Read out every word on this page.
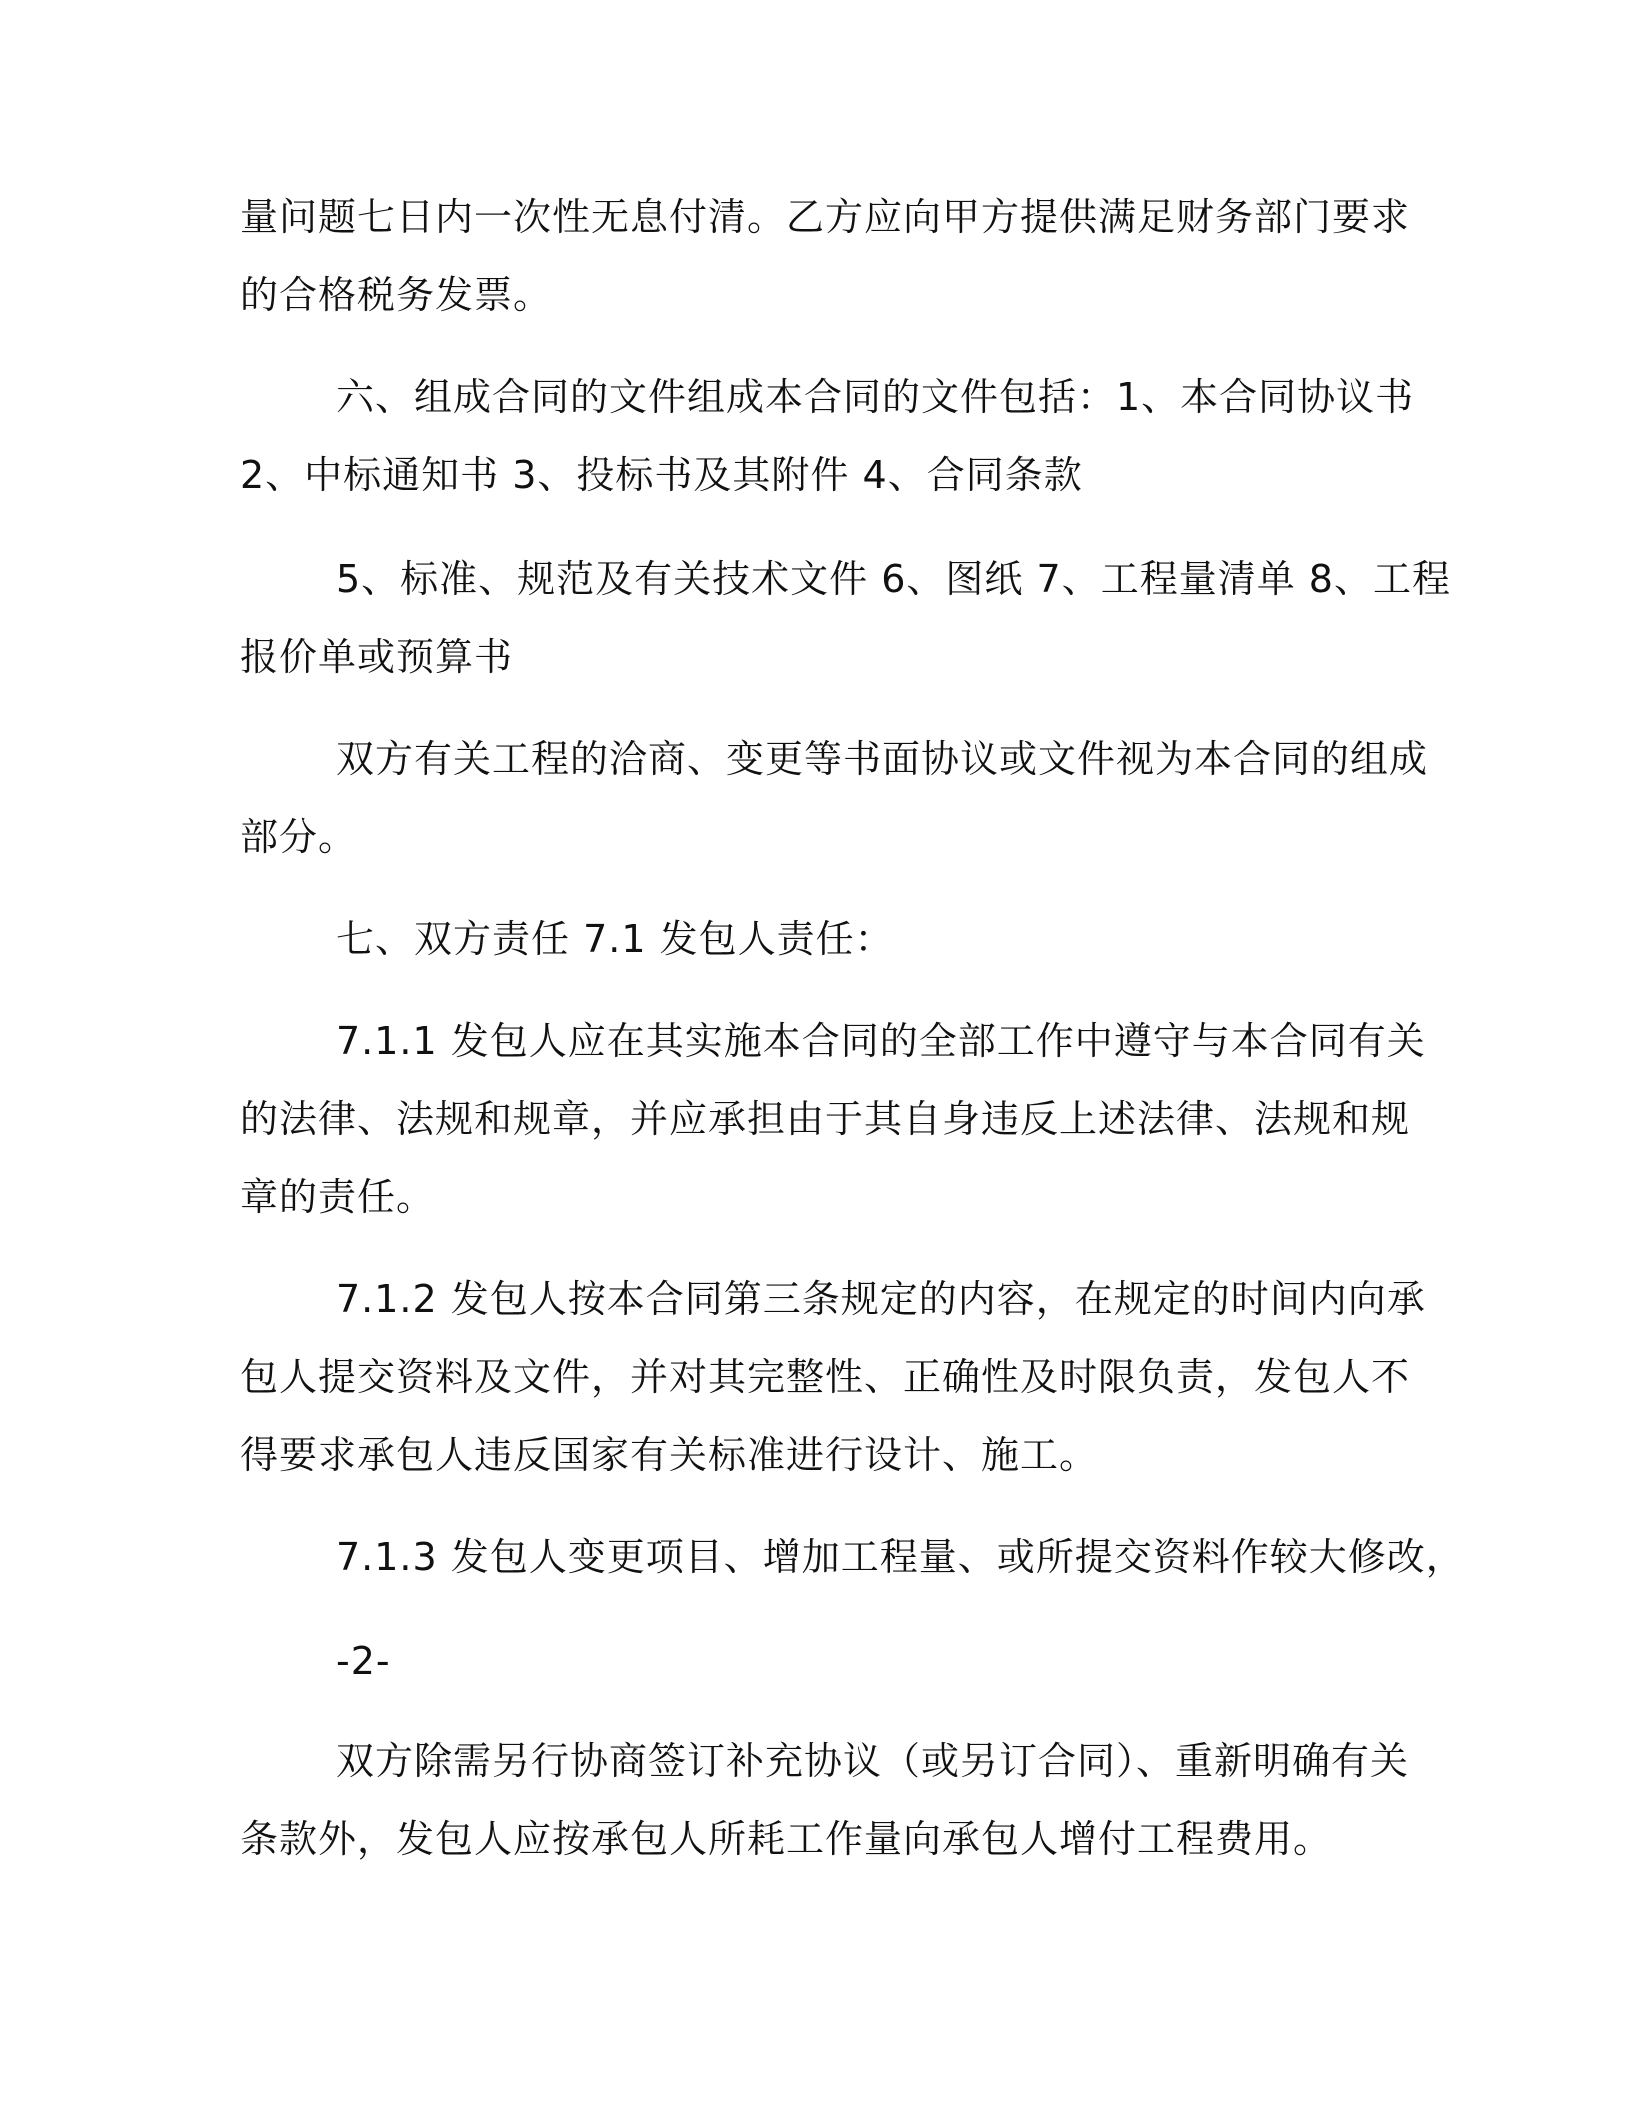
量问题七日内一次性无息付清。乙方应向甲方提供满足财务部门要求
的合格税务发票。
六、组成合同的文件组成本合同的文件包括：1、本合同协议书
2、中标通知书 3、投标书及其附件 4、合同条款
5、标准、规范及有关技术文件 6、图纸 7、工程量清单 8、工程
报价单或预算书
双方有关工程的洽商、变更等书面协议或文件视为本合同的组成
部分。
七、双方责任 7.1 发包人责任：
7.1.1 发包人应在其实施本合同的全部工作中遵守与本合同有关
的法律、法规和规章，并应承担由于其自身违反上述法律、法规和规
章的责任。
7.1.2 发包人按本合同第三条规定的内容，在规定的时间内向承
包人提交资料及文件，并对其完整性、正确性及时限负责，发包人不
得要求承包人违反国家有关标准进行设计、施工。
7.1.3 发包人变更项目、增加工程量、或所提交资料作较大修改，
-2-
双方除需另行协商签订补充协议（或另订合同）、重新明确有关
条款外，发包人应按承包人所耗工作量向承包人增付工程费用。
